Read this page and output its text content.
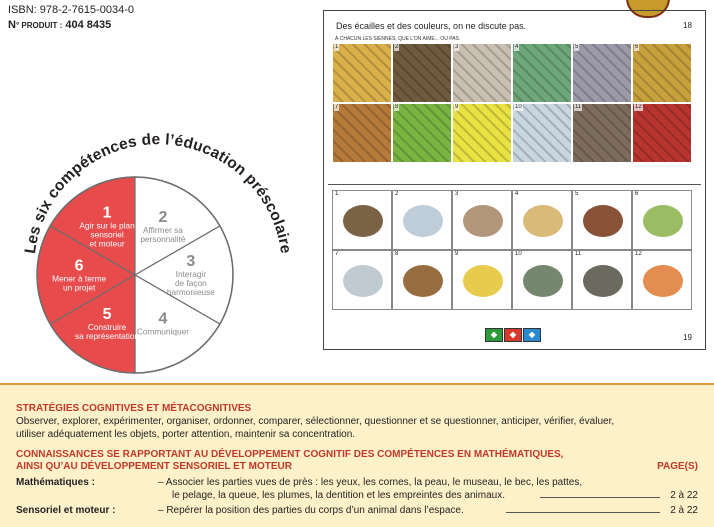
ISBN: 978-2-7615-0034-0
N° PRODUIT : 404 8435
Les six compétences de l’éducation préscolaire
1
Agir sur le plan
sensoriel
et moteur
2
Affirmer sa
personnalité
3
Interagir
de façon
harmonieuse
4
Communiquer
5
Construire
sa représentation
6
Mener à terme
un projet
Des écailles et des couleurs, on ne discute pas.	18
À CHACUN LES SIENNES, QUE L’ON AIME... OU PAS.
1	2	3	4	5	6
7	8	9	10	11	12
1	2	3	4	5	6
7	8	9	10	11	12
◆	◆	◆	19
STRATÉGIES COGNITIVES ET MÉTACOGNITIVES
Observer, explorer, expérimenter, organiser, ordonner, comparer, sélectionner, questionner et se questionner, anticiper, vérifier, évaluer,
utiliser adéquatement les objets, porter attention, maintenir sa concentration.
CONNAISSANCES SE RAPPORTANT AU DÉVELOPPEMENT COGNITIF DES COMPÉTENCES EN MATHÉMATIQUES,
AINSI QU’AU DÉVELOPPEMENT SENSORIEL ET MOTEUR	PAGE(S)
Mathématiques :	– Associer les parties vues de près : les yeux, les cornes, la peau, le museau, le bec, les pattes,
le pelage, la queue, les plumes, la dentition et les empreintes des animaux.	2 à 22
Sensoriel et moteur :	– Repérer la position des parties du corps d’un animal dans l’espace.	2 à 22
